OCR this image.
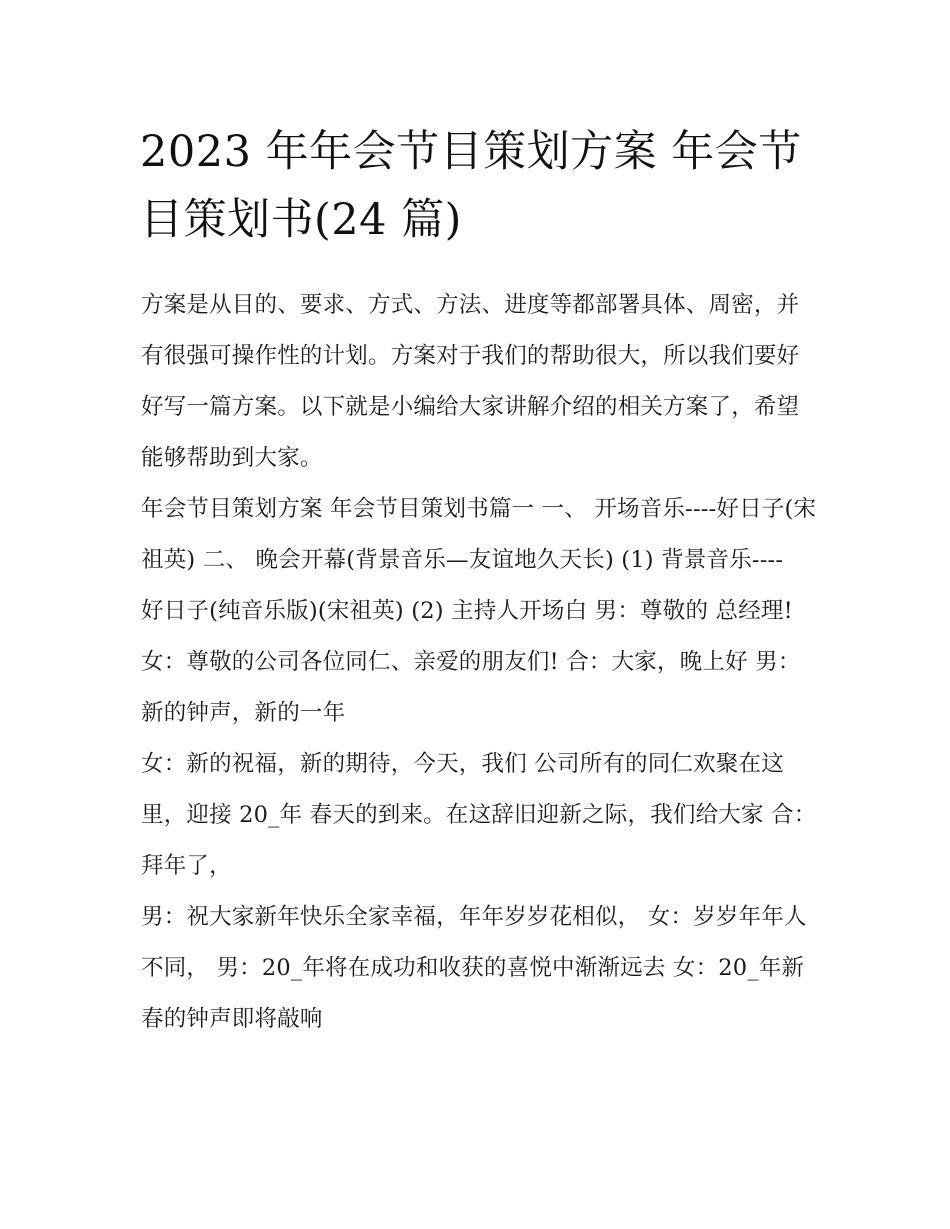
2023 年年会节目策划方案 年会节目策划书(24 篇)

方案是从目的、要求、方式、方法、进度等都部署具体、周密，并有很强可操作性的计划。方案对于我们的帮助很大，所以我们要好好写一篇方案。以下就是小编给大家讲解介绍的相关方案了，希望能够帮助到大家。

年会节目策划方案 年会节目策划书篇一 一、 开场音乐----好日子(宋祖英) 二、 晚会开幕(背景音乐—友谊地久天长) (1) 背景音乐----

好日子(纯音乐版)(宋祖英) (2) 主持人开场白 男：尊敬的 总经理! 女：尊敬的公司各位同仁、亲爱的朋友们! 合：大家，晚上好 男：新的钟声，新的一年

女：新的祝福，新的期待，今天，我们 公司所有的同仁欢聚在这里，迎接 20_年 春天的到来。在这辞旧迎新之际，我们给大家 合：拜年了，

男：祝大家新年快乐全家幸福，年年岁岁花相似， 女：岁岁年年人不同， 男：20_年将在成功和收获的喜悦中渐渐远去 女：20_年新春的钟声即将敲响
